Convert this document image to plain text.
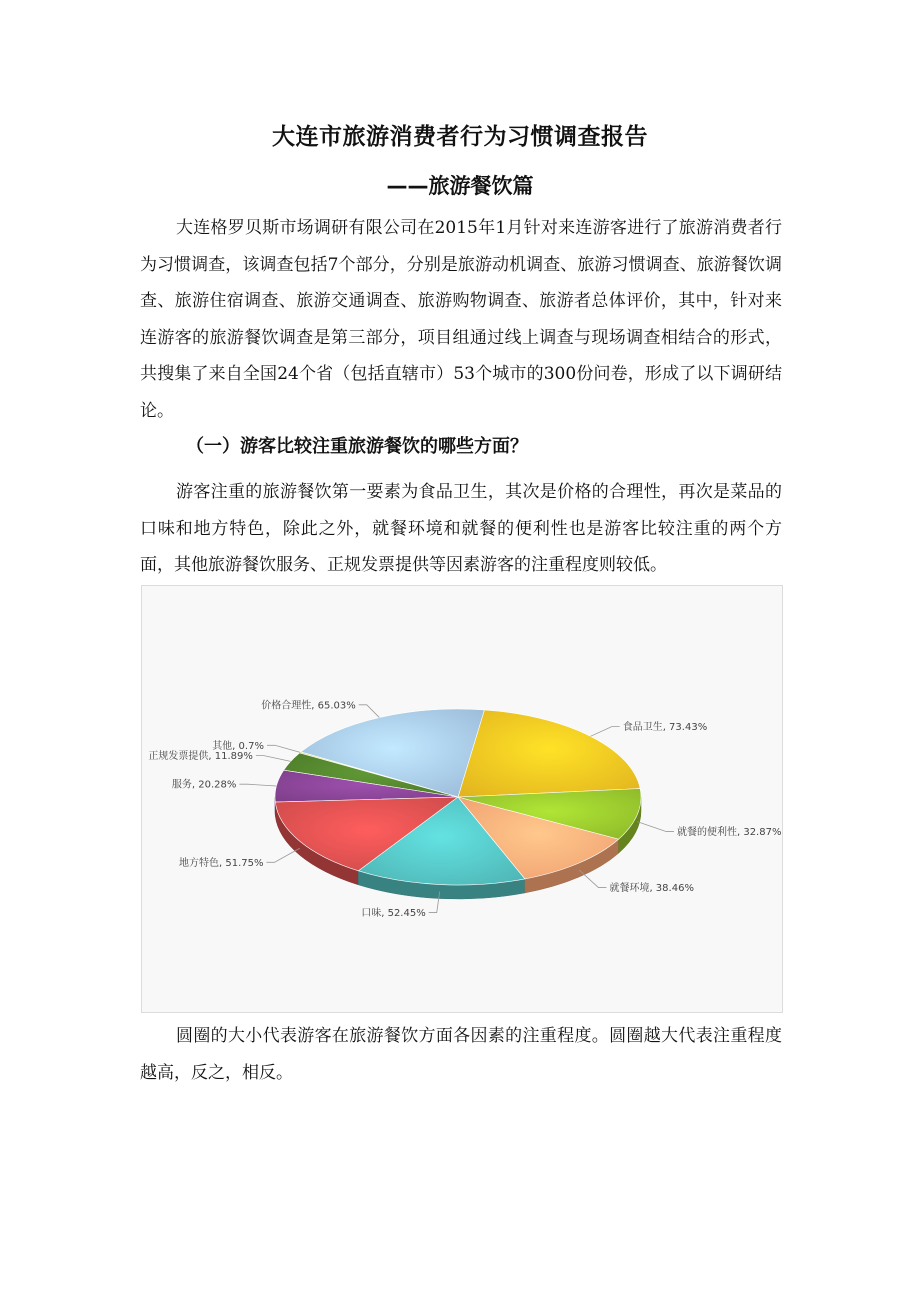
大连市旅游消费者行为习惯调查报告
——旅游餐饮篇

大连格罗贝斯市场调研有限公司在2015年1月针对来连游客进行了旅游消费者行为习惯调查，该调查包括7个部分，分别是旅游动机调查、旅游习惯调查、旅游餐饮调查、旅游住宿调查、旅游交通调查、旅游购物调查、旅游者总体评价，其中，针对来连游客的旅游餐饮调查是第三部分，项目组通过线上调查与现场调查相结合的形式，共搜集了来自全国24个省（包括直辖市）53个城市的300份问卷，形成了以下调研结论。

（一）游客比较注重旅游餐饮的哪些方面？

游客注重的旅游餐饮第一要素为食品卫生，其次是价格的合理性，再次是菜品的口味和地方特色，除此之外，就餐环境和就餐的便利性也是游客比较注重的两个方面，其他旅游餐饮服务、正规发票提供等因素游客的注重程度则较低。

食品卫生, 73.43%
价格合理性, 65.03%
其他, 0.7%
正规发票提供, 11.89%
服务, 20.28%
地方特色, 51.75%
口味, 52.45%
就餐环境, 38.46%
就餐的便利性, 32.87%

圆圈的大小代表游客在旅游餐饮方面各因素的注重程度。圆圈越大代表注重程度越高，反之，相反。
